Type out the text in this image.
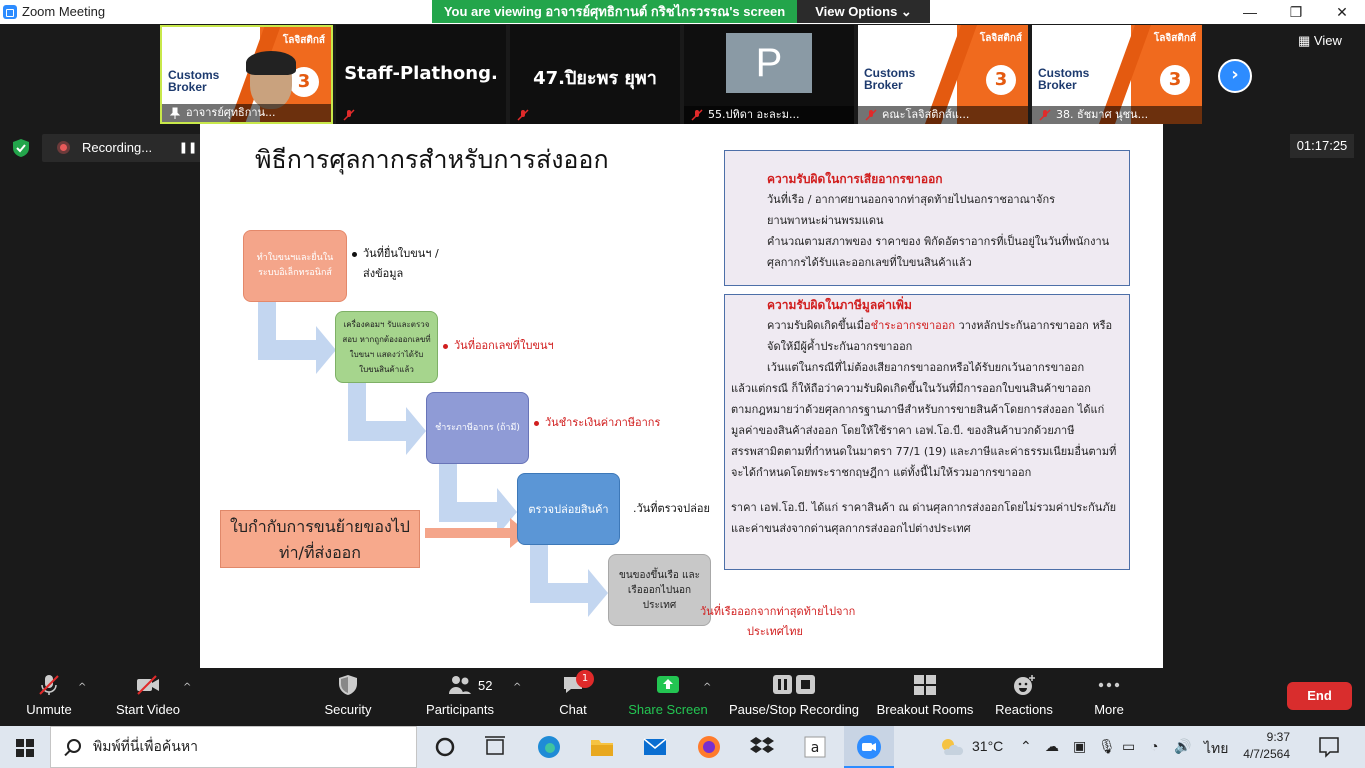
Zoom Meeting	—	❐	✕
You are viewing อาจารย์ศุทธิกานต์ กริชไกรวรรณ's screen	View Options ⌄
Customs
Broker
โลจิสติกส์
3
อาจารย์ศุทธิกาน...
Staff-Plathong.	47.ปิยะพร ยุพา	P
55.ปทิดา อะละม...
Customs
Broker
โลจิสติกส์
3
คณะโลจิสติกส์แ...
Customs
Broker
โลจิสติกส์
3
38. ธัชมาศ นุชน...
›
▦ View
Recording...	❚❚	01:17:25
พิธีการศุลกากรสำหรับการส่งออก
ทำใบขนฯและยื่นในระบบอิเล็กทรอนิกส์
เครื่องคอมฯ รับและตรวจสอบ หากถูกต้องออกเลขที่ใบขนฯ แสดงว่าได้รับใบขนสินค้าแล้ว
ชำระภาษีอากร (ถ้ามี)
ตรวจปล่อยสินค้า
ขนของขึ้นเรือ และเรือออกไปนอกประเทศ
ใบกำกับการขนย้ายของไปท่า/ที่ส่งออก
วันที่ยื่นใบขนฯ /
ส่งข้อมูล
วันที่ออกเลขที่ใบขนฯ
วันชำระเงินค่าภาษีอากร
.วันที่ตรวจปล่อย
วันที่เรือออกจากท่าสุดท้ายไปจาก
ประเทศไทย
ความรับผิดในการเสียอากรขาออก

วันที่เรือ / อากาศยานออกจากท่าสุดท้ายไปนอกราชอาณาจักร

ยานพาหนะผ่านพรมแดน

คำนวณตามสภาพของ ราคาของ พิกัดอัตราอากรที่เป็นอยู่ในวันที่พนักงาน

ศุลกากรได้รับและออกเลขที่ใบขนสินค้าแล้ว

ความรับผิดในภาษีมูลค่าเพิ่ม

ความรับผิดเกิดขึ้นเมื่อชำระอากรขาออก วางหลักประกันอากรขาออก หรือ

จัดให้มีผู้ค้ำประกันอากรขาออก

เว้นแต่ในกรณีที่ไม่ต้องเสียอากรขาออกหรือได้รับยกเว้นอากรขาออก

แล้วแต่กรณี ก็ให้ถือว่าความรับผิดเกิดขึ้นในวันที่มีการออกใบขนสินค้าขาออก

ตามกฎหมายว่าด้วยศุลกากรฐานภาษีสำหรับการขายสินค้าโดยการส่งออก ได้แก่

มูลค่าของสินค้าส่งออก โดยให้ใช้ราคา เอฟ.โอ.บี. ของสินค้าบวกด้วยภาษี

สรรพสามิตตามที่กำหนดในมาตรา 77/1 (19) และภาษีและค่าธรรมเนียมอื่นตามที่

จะได้กำหนดโดยพระราชกฤษฎีกา แต่ทั้งนี้ไม่ให้รวมอากรขาออก

ราคา เอฟ.โอ.บี. ได้แก่ ราคาสินค้า ณ ด่านศุลกากรส่งออกโดยไม่รวมค่าประกันภัย

และค่าขนส่งจากด่านศุลกากรส่งออกไปต่างประเทศ

Unmute
^
Start Video
^
Security	Participants
52 ^
Chat
1
Share Screen
^
Pause/Stop Recording Breakout Rooms Reactions	More
End
พิมพ์ที่นี่เพื่อค้นหา	a	31°C ⌃ ☁ ▣ 🎙 ▭ ◔ 🔊 ไทย
9:37
4/7/2564
